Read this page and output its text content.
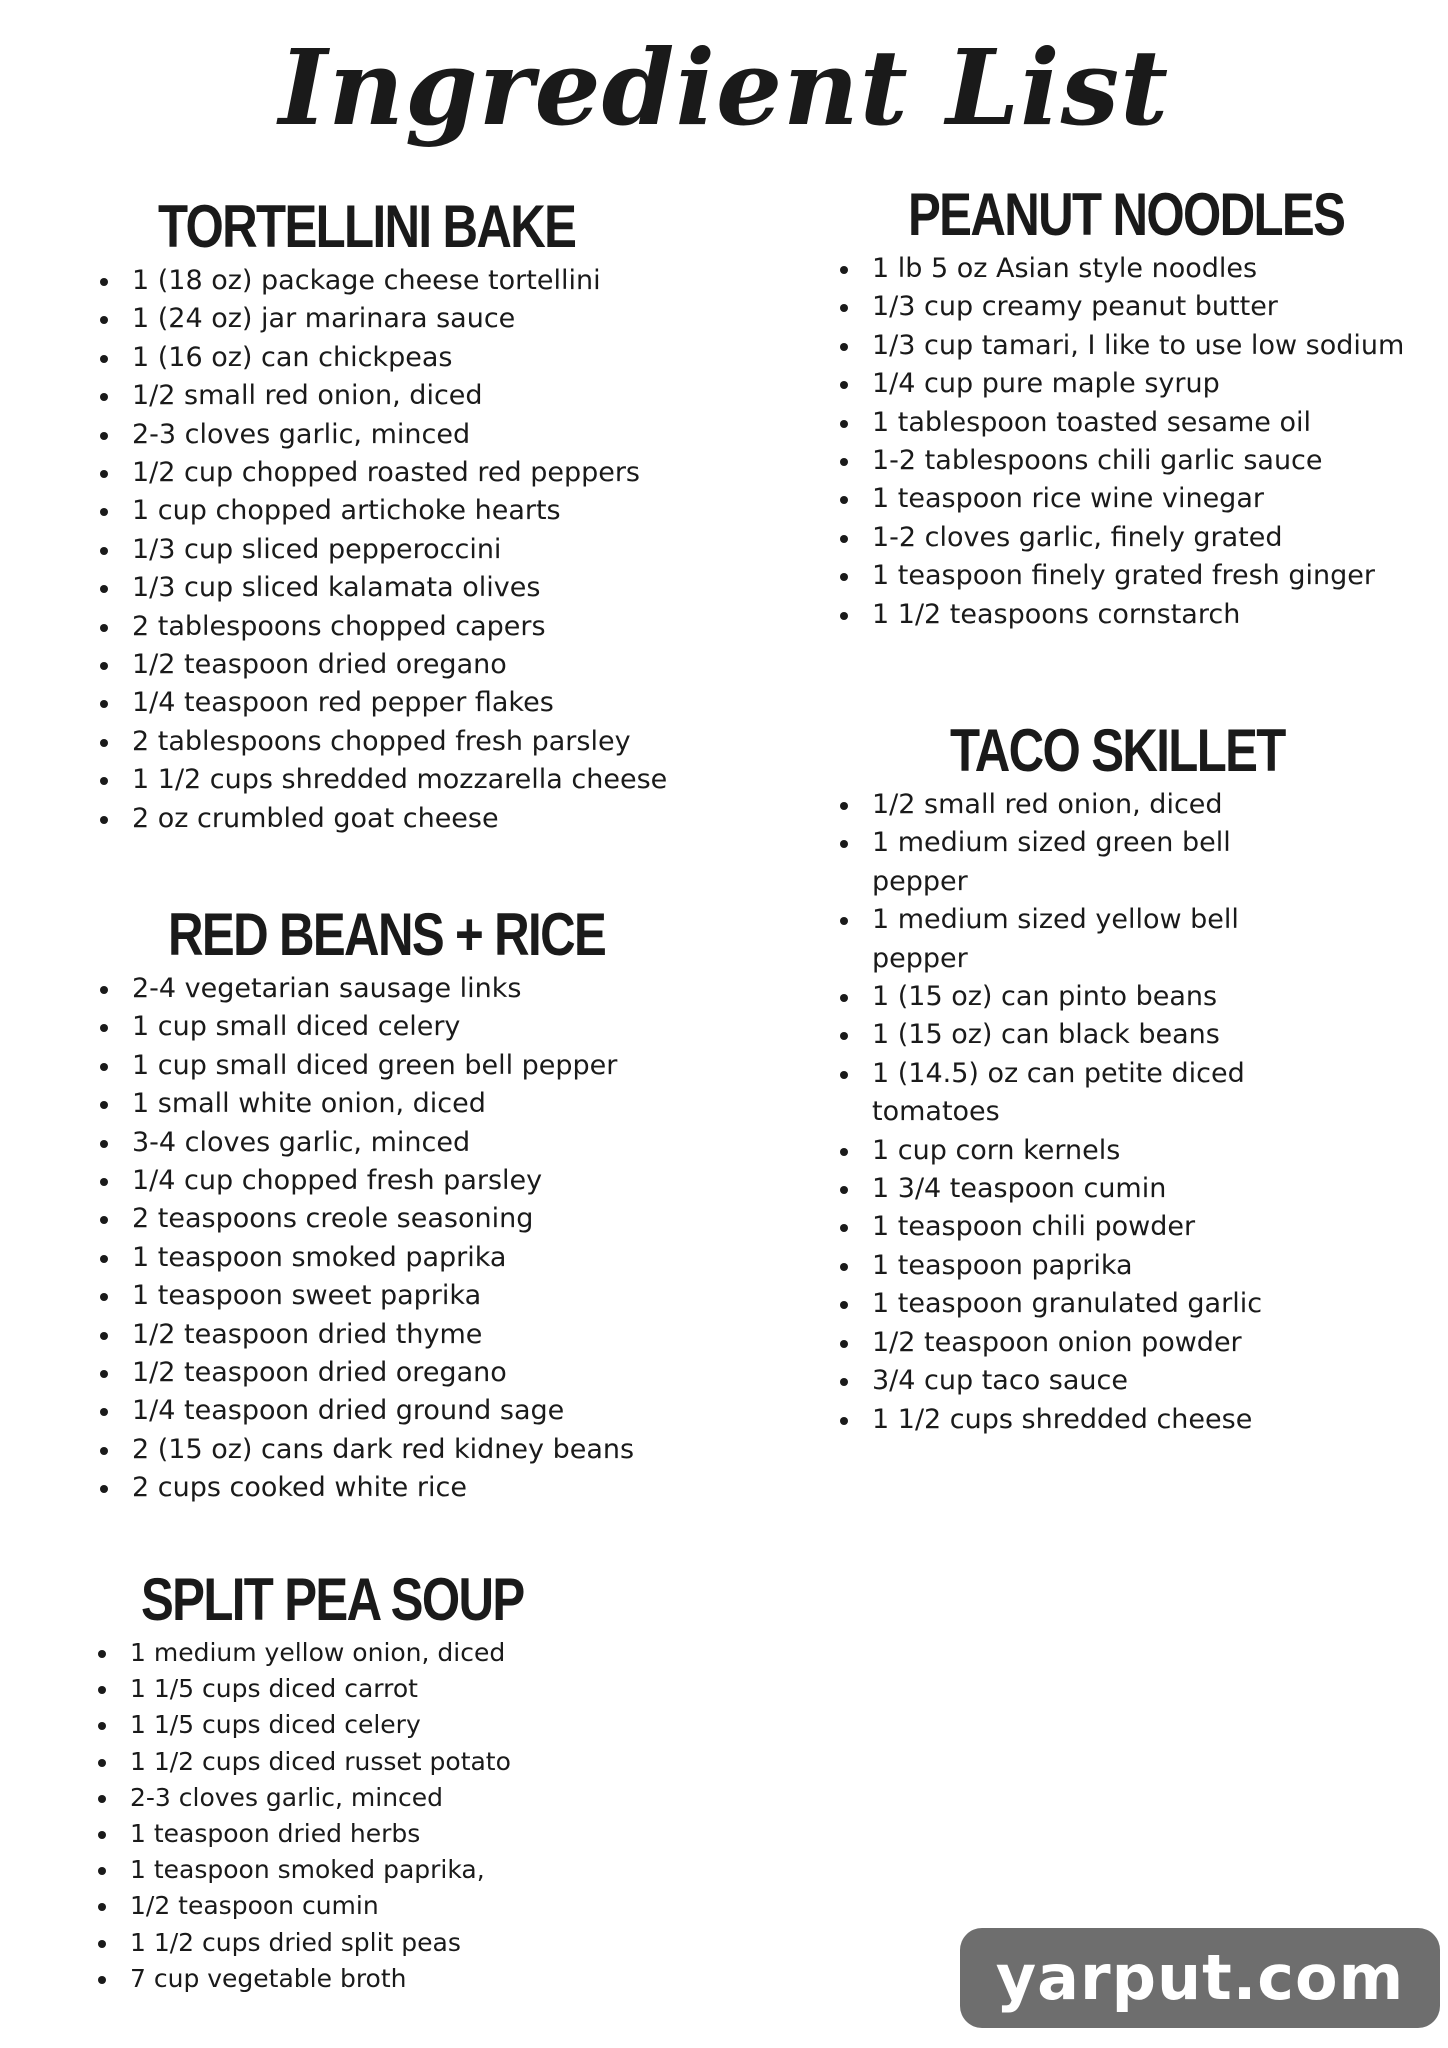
Ingredient List
TORTELLINI BAKE
1 (18 oz) package cheese tortellini
1 (24 oz) jar marinara sauce
1 (16 oz) can chickpeas
1/2 small red onion, diced
2-3 cloves garlic, minced
1/2 cup chopped roasted red peppers
1 cup chopped artichoke hearts
1/3 cup sliced pepperoccini
1/3 cup sliced kalamata olives
2 tablespoons chopped capers
1/2 teaspoon dried oregano
1/4 teaspoon red pepper flakes
2 tablespoons chopped fresh parsley
1 1/2 cups shredded mozzarella cheese
2 oz crumbled goat cheese
RED BEANS + RICE
2-4 vegetarian sausage links
1 cup small diced celery
1 cup small diced green bell pepper
1 small white onion, diced
3-4 cloves garlic, minced
1/4 cup chopped fresh parsley
2 teaspoons creole seasoning
1 teaspoon smoked paprika
1 teaspoon sweet paprika
1/2 teaspoon dried thyme
1/2 teaspoon dried oregano
1/4 teaspoon dried ground sage
2 (15 oz) cans dark red kidney beans
2 cups cooked white rice
SPLIT PEA SOUP
1 medium yellow onion, diced
1 1/5 cups diced carrot
1 1/5 cups diced celery
1 1/2 cups diced russet potato
2-3 cloves garlic, minced
1 teaspoon dried herbs
1 teaspoon smoked paprika,
1/2 teaspoon cumin
1 1/2 cups dried split peas
7 cup vegetable broth
PEANUT NOODLES
1 lb 5 oz Asian style noodles
1/3 cup creamy peanut butter
1/3 cup tamari, I like to use low sodium
1/4 cup pure maple syrup
1 tablespoon toasted sesame oil
1-2 tablespoons chili garlic sauce
1 teaspoon rice wine vinegar
1-2 cloves garlic, finely grated
1 teaspoon finely grated fresh ginger
1 1/2 teaspoons cornstarch
TACO SKILLET
1/2 small red onion, diced
1 medium sized green bell pepper
1 medium sized yellow bell pepper
1 (15 oz) can pinto beans
1 (15 oz) can black beans
1 (14.5) oz can petite diced tomatoes
1 cup corn kernels
1 3/4 teaspoon cumin
1 teaspoon chili powder
1 teaspoon paprika
1 teaspoon granulated garlic
1/2 teaspoon onion powder
3/4 cup taco sauce
1 1/2 cups shredded cheese
yarput.com
